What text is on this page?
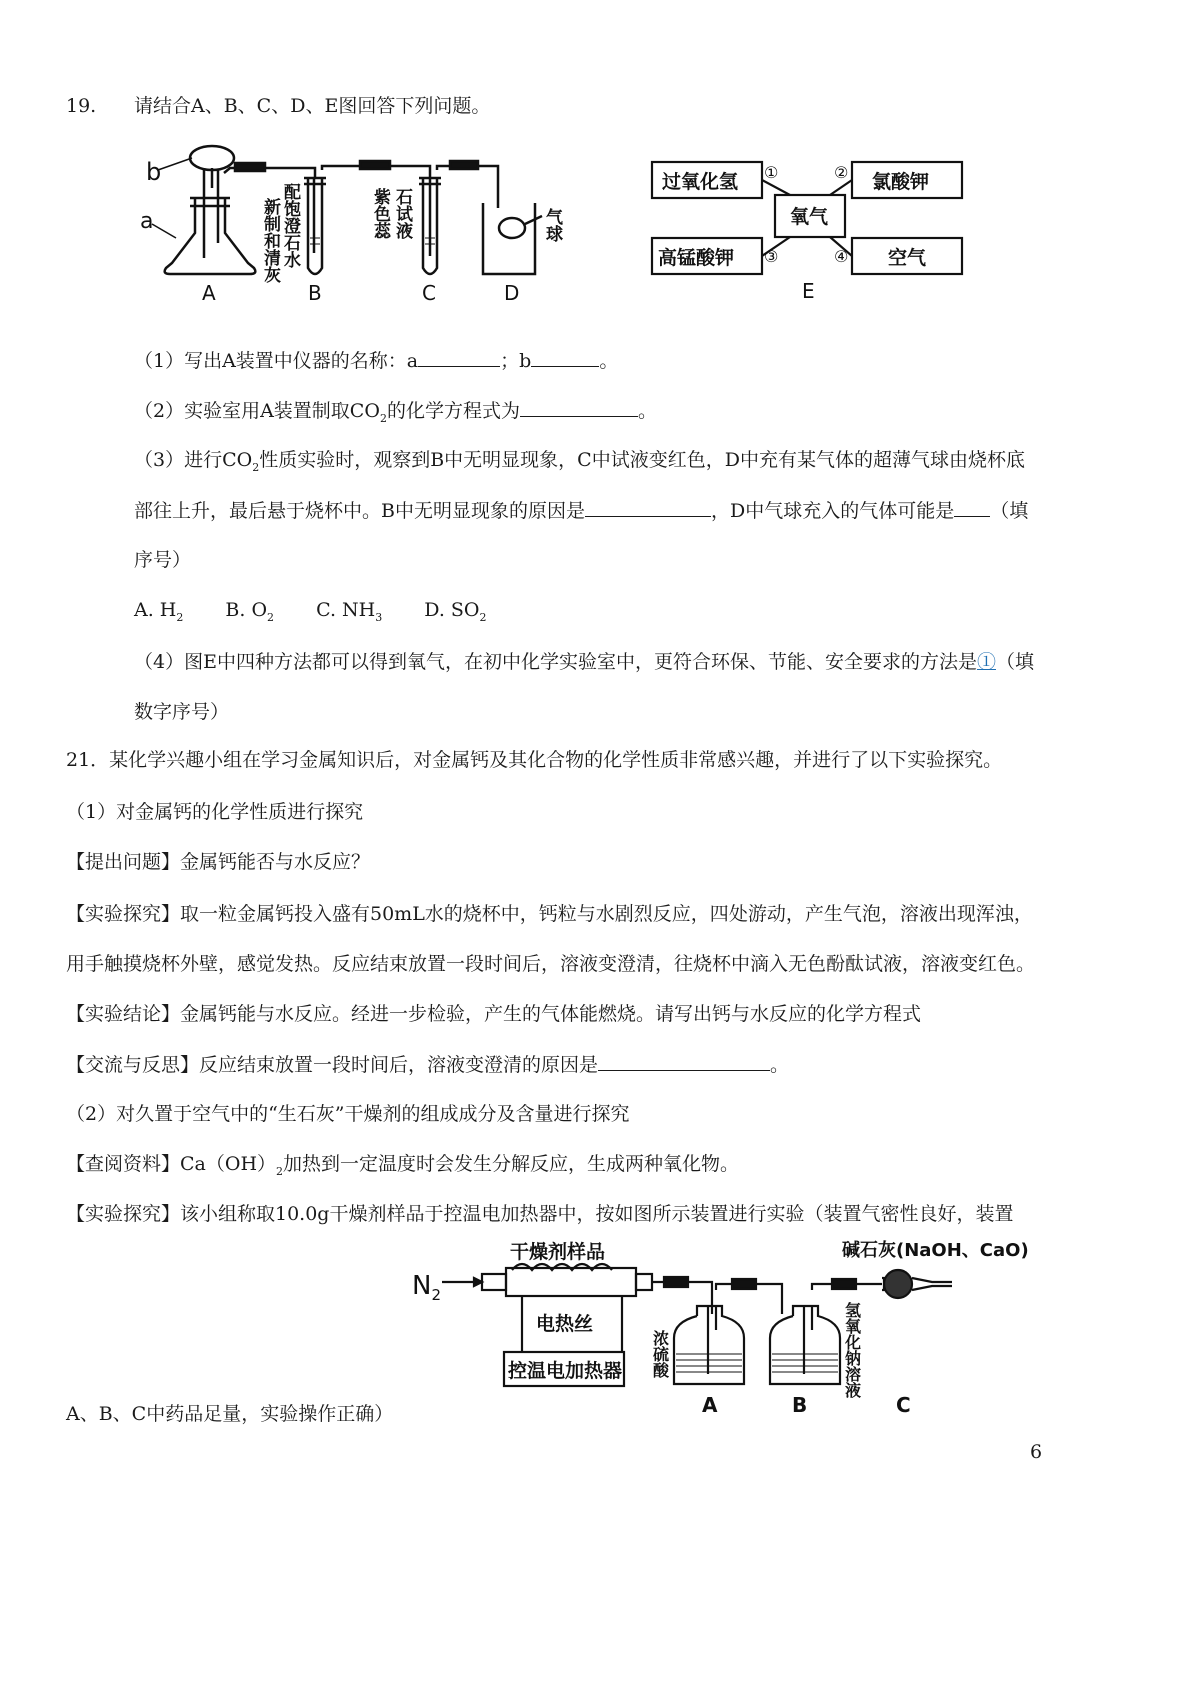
19. 请结合A、B、C、D、E图回答下列问题。
b
a	新制和清灰 配饱澄石水	紫色蕊 石试液	气球
A	B	C	D
过氧化氢	氯酸钾
高锰酸钾	空气
氧气
①	②
③	④
E
（1）写出A装置中仪器的名称：a	；b	。
（2）实验室用A装置制取$CO_2$的化学方程式为	。
（3）进行$CO_2$性质实验时，观察到B中无明显现象，C中试液变红色，D中充有某气体的超薄气球由烧杯底
部往上升，最后悬于烧杯中。B中无明显现象的原因是	，D中气球充入的气体可能是 （填
序号）
A. $H_2$ B. $O_2$ C. $NH_3$ D. $SO_2$
（4）图E中四种方法都可以得到氧气，在初中化学实验室中，更符合环保、节能、安全要求的方法是①（填
数字序号）
21．某化学兴趣小组在学习金属知识后，对金属钙及其化合物的化学性质非常感兴趣，并进行了以下实验探究。
（1）对金属钙的化学性质进行探究
【提出问题】金属钙能否与水反应？
【实验探究】取一粒金属钙投入盛有50mL水的烧杯中，钙粒与水剧烈反应，四处游动，产生气泡，溶液出现浑浊，
用手触摸烧杯外壁，感觉发热。反应结束放置一段时间后，溶液变澄清，往烧杯中滴入无色酚酞试液，溶液变红色。
【实验结论】金属钙能与水反应。经进一步检验，产生的气体能燃烧。请写出钙与水反应的化学方程式
【交流与反思】反应结束放置一段时间后，溶液变澄清的原因是	。
（2）对久置于空气中的“生石灰”干燥剂的组成成分及含量进行探究
【查阅资料】$Ca(OH)_2$加热到一定温度时会发生分解反应，生成两种氧化物。
【实验探究】该小组称取10.0g干燥剂样品于控温电加热器中，按如图所示装置进行实验（装置气密性良好，装置
$N_2$
干燥剂样品	碱石灰(NaOH、CaO)
电热丝
控温电加热器 浓硫酸	氢氧化钠溶液
A	B	C
A、B、C中药品足量，实验操作正确）
6
